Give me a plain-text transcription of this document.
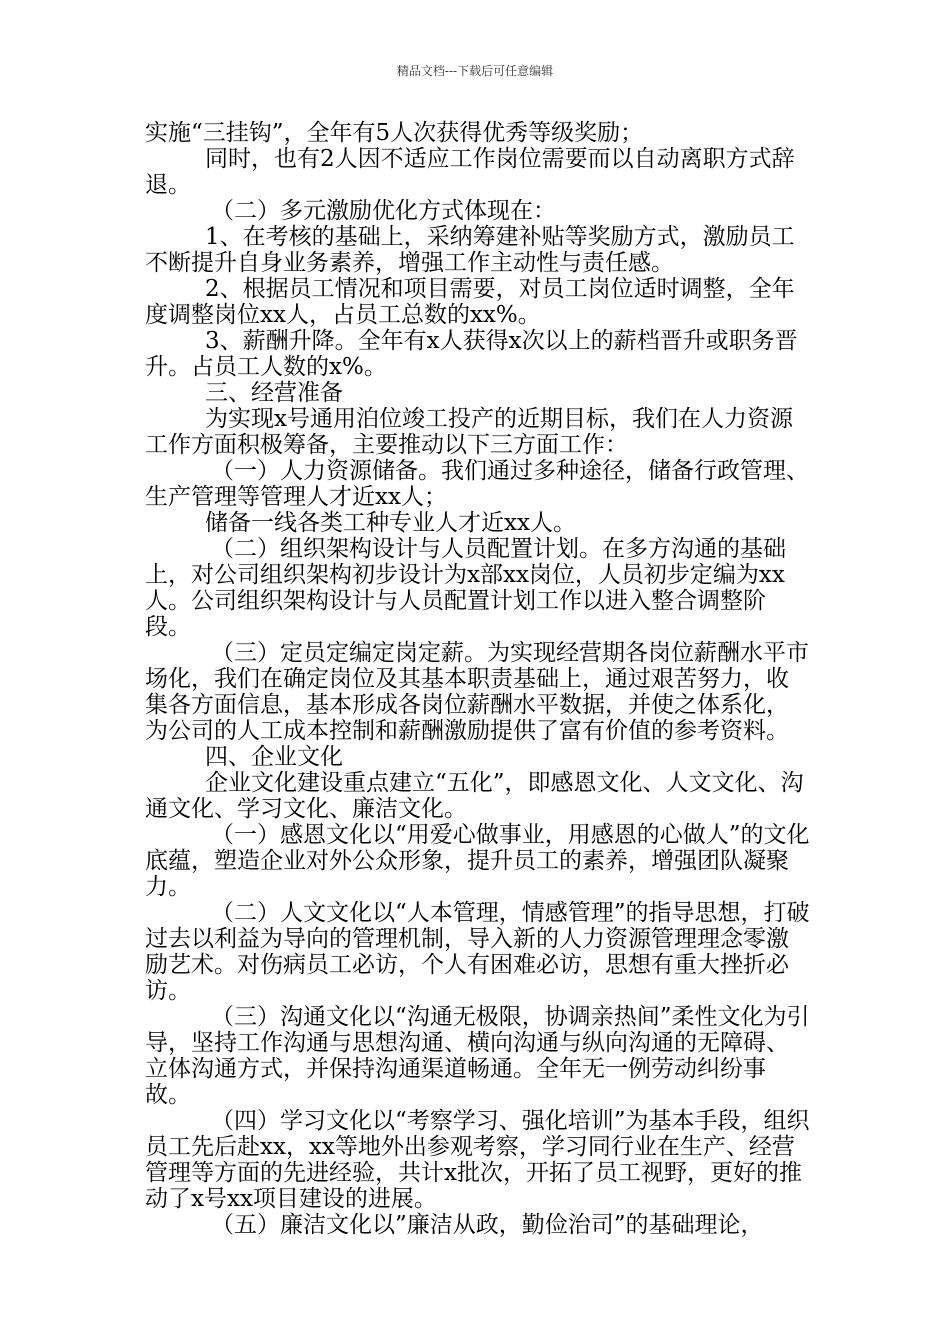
精品文档---下载后可任意编辑

实施“三挂钩”，全年有5人次获得优秀等级奖励；

同时，也有2人因不适应工作岗位需要而以自动离职方式辞退。

（二）多元激励优化方式体现在：

1、在考核的基础上，采纳筹建补贴等奖励方式，激励员工不断提升自身业务素养，增强工作主动性与责任感。

2、根据员工情况和项目需要，对员工岗位适时调整，全年度调整岗位xx人，占员工总数的xx%。

3、薪酬升降。全年有x人获得x次以上的薪档晋升或职务晋升。占员工人数的x%。

三、经营准备

为实现x号通用泊位竣工投产的近期目标，我们在人力资源工作方面积极筹备，主要推动以下三方面工作：

（一）人力资源储备。我们通过多种途径，储备行政管理、生产管理等管理人才近xx人；

储备一线各类工种专业人才近xx人。

（二）组织架构设计与人员配置计划。在多方沟通的基础上，对公司组织架构初步设计为x部xx岗位，人员初步定编为xx人。公司组织架构设计与人员配置计划工作以进入整合调整阶段。

（三）定员定编定岗定薪。为实现经营期各岗位薪酬水平市场化，我们在确定岗位及其基本职责基础上，通过艰苦努力，收集各方面信息，基本形成各岗位薪酬水平数据，并使之体系化，为公司的人工成本控制和薪酬激励提供了富有价值的参考资料。

四、企业文化

企业文化建设重点建立“五化”，即感恩文化、人文文化、沟通文化、学习文化、廉洁文化。

（一）感恩文化以“用爱心做事业，用感恩的心做人”的文化底蕴，塑造企业对外公众形象，提升员工的素养，增强团队凝聚力。

（二）人文文化以“人本管理，情感管理”的指导思想，打破过去以利益为导向的管理机制，导入新的人力资源管理理念零激励艺术。对伤病员工必访，个人有困难必访，思想有重大挫折必访。

（三）沟通文化以“沟通无极限，协调亲热间”柔性文化为引导，坚持工作沟通与思想沟通、横向沟通与纵向沟通的无障碍、立体沟通方式，并保持沟通渠道畅通。全年无一例劳动纠纷事故。

（四）学习文化以“考察学习、强化培训”为基本手段，组织员工先后赴xx，xx等地外出参观考察，学习同行业在生产、经营管理等方面的先进经验，共计x批次，开拓了员工视野，更好的推动了x号xx项目建设的进展。

（五）廉洁文化以”廉洁从政，勤俭治司”的基础理论，
